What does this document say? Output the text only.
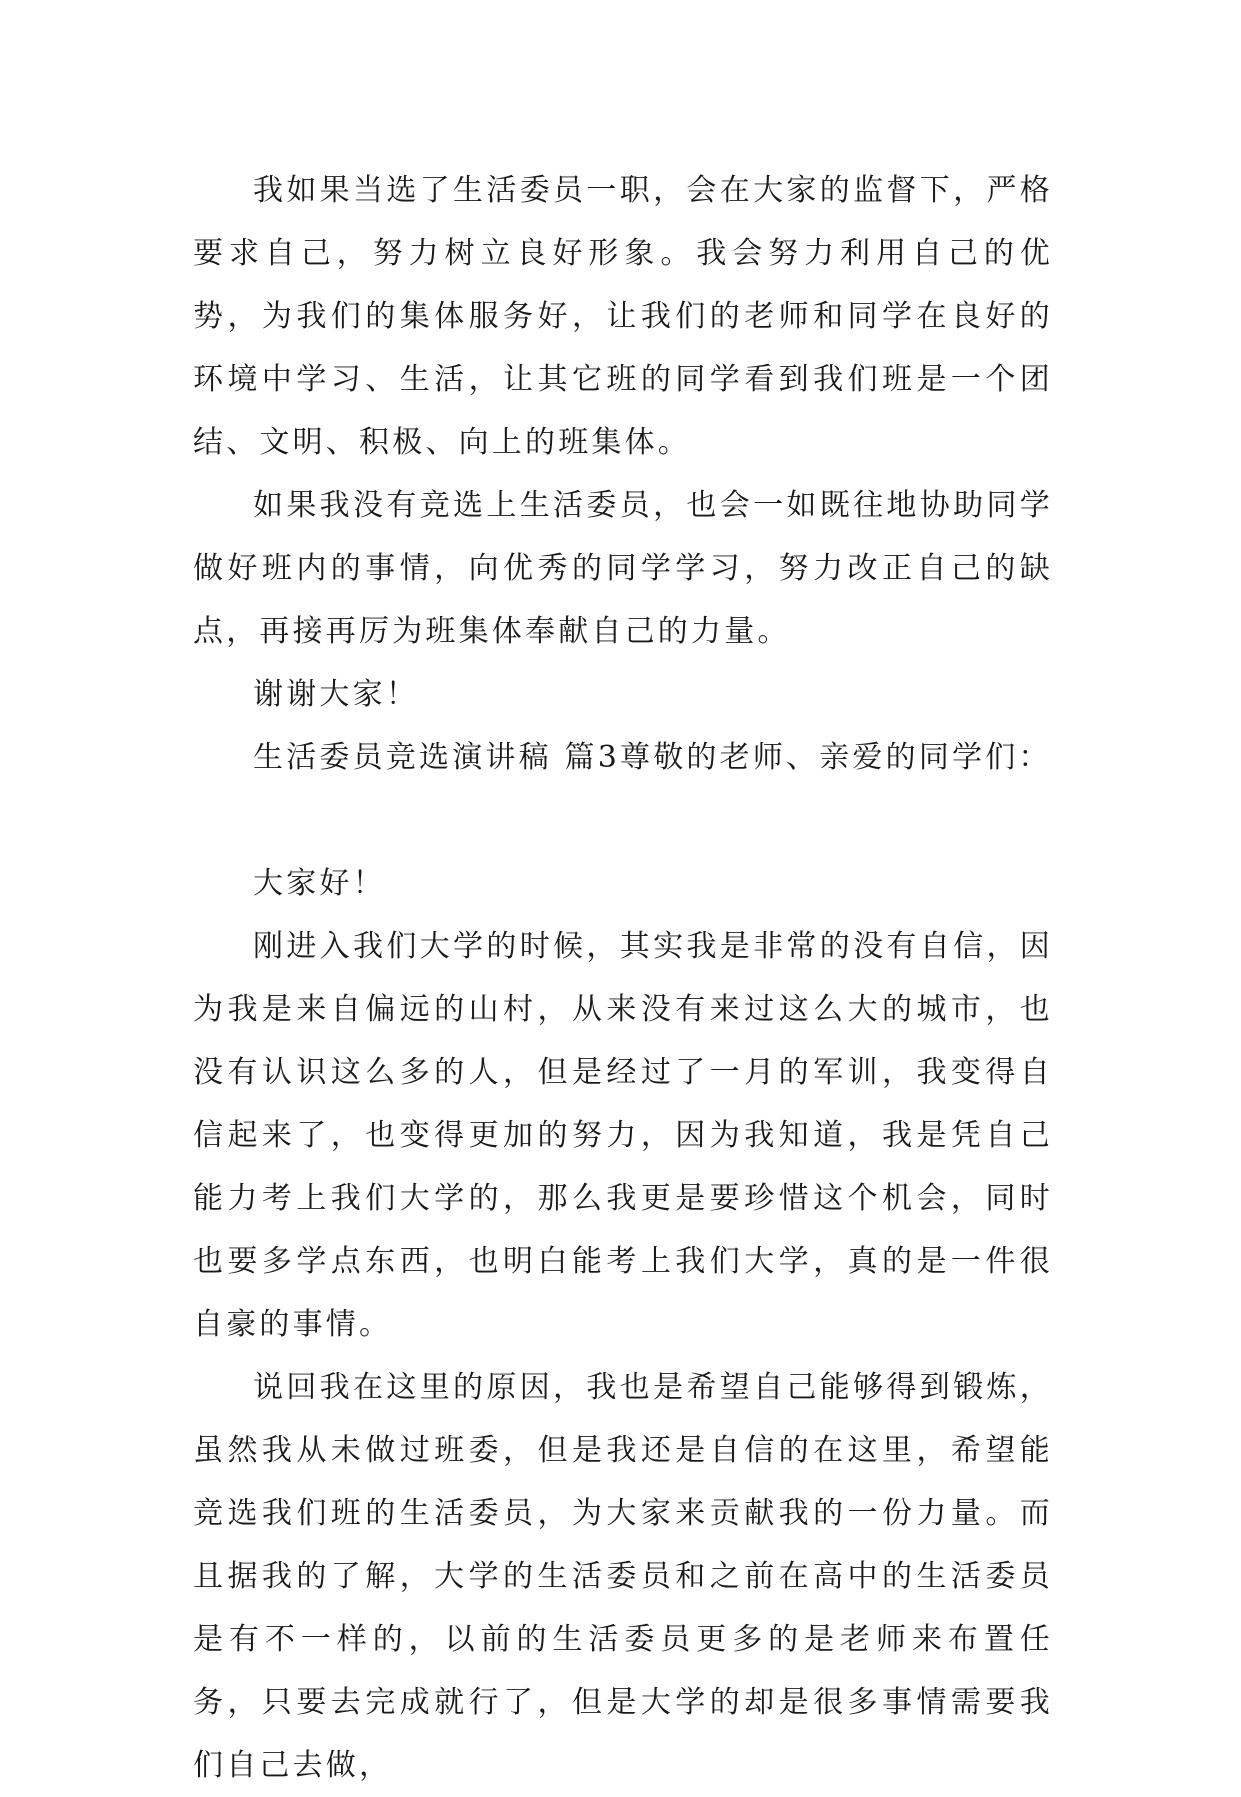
我如果当选了生活委员一职，会在大家的监督下，严格要求自己，努力树立良好形象。我会努力利用自己的优势，为我们的集体服务好，让我们的老师和同学在良好的环境中学习、生活，让其它班的同学看到我们班是一个团结、文明、积极、向上的班集体。

如果我没有竞选上生活委员，也会一如既往地协助同学做好班内的事情，向优秀的同学学习，努力改正自己的缺点，再接再厉为班集体奉献自己的力量。

谢谢大家！

生活委员竞选演讲稿 篇3尊敬的老师、亲爱的同学们：

大家好！

刚进入我们大学的时候，其实我是非常的没有自信，因为我是来自偏远的山村，从来没有来过这么大的城市，也没有认识这么多的人，但是经过了一月的军训，我变得自信起来了，也变得更加的努力，因为我知道，我是凭自己能力考上我们大学的，那么我更是要珍惜这个机会，同时也要多学点东西，也明白能考上我们大学，真的是一件很自豪的事情。

说回我在这里的原因，我也是希望自己能够得到锻炼，虽然我从未做过班委，但是我还是自信的在这里，希望能竞选我们班的生活委员，为大家来贡献我的一份力量。而且据我的了解，大学的生活委员和之前在高中的生活委员是有不一样的，以前的生活委员更多的是老师来布置任务，只要去完成就行了，但是大学的却是很多事情需要我们自己去做，
